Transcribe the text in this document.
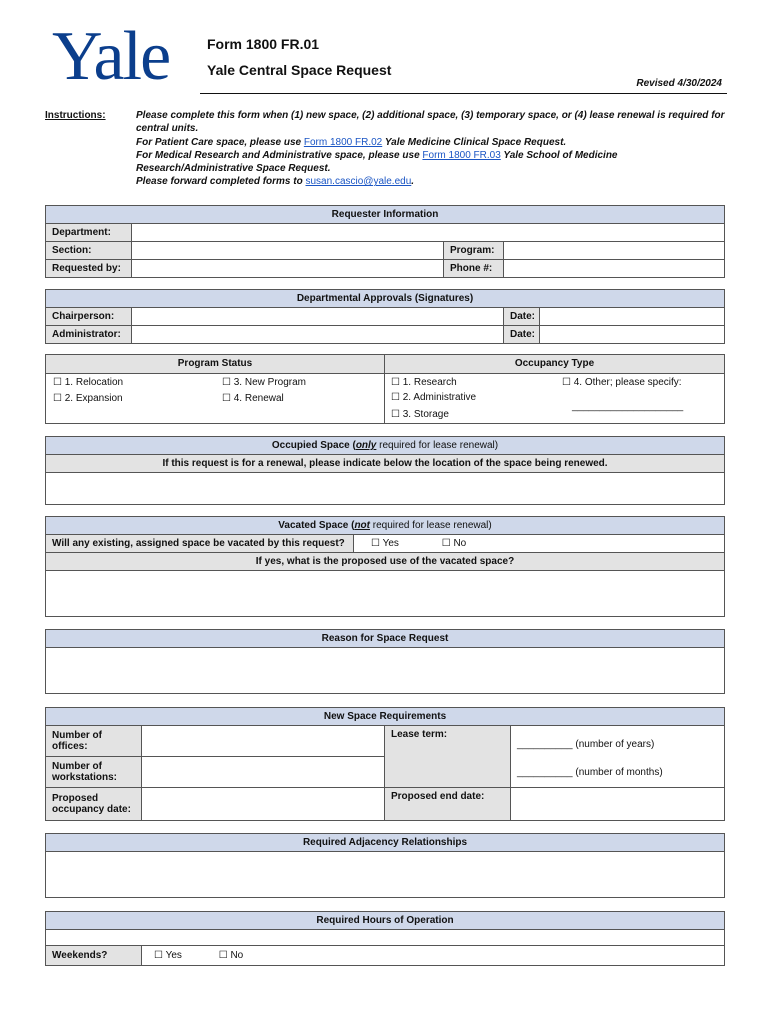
Yale	Form 1800 FR.01
Yale Central Space Request
Revised 4/30/2024
Instructions:	Please complete this form when (1) new space, (2) additional space, (3) temporary space, or (4) lease renewal is required for central units.
For Patient Care space, please use Form 1800 FR.02 Yale Medicine Clinical Space Request.
For Medical Research and Administrative space, please use Form 1800 FR.03 Yale School of Medicine Research/Administrative Space Request.
Please forward completed forms to susan.cascio@yale.edu.
Requester Information			
Department:			
Section:		Program:	
Requested by:		Phone #:	
Departmental Approvals (Signatures)			
Chairperson:		Date:	
Administrator:		Date:	
Program Status	Occupancy Type
☐ 1. Relocation
☐ 2. Expansion
☐ 3. New Program
☐ 4. Renewal
☐ 1. Research
☐ 2. Administrative
☐ 3. Storage
☐ 4. Other; please specify:
____________________
Occupied Space (only required for lease renewal)
If this request is for a renewal, please indicate below the location of the space being renewed.

Vacated Space (not required for lease renewal)
Will any existing, assigned space be vacated by this request?	☐ Yes	☐ No
If yes, what is the proposed use of the vacated space?

Reason for Space Request

New Space Requirements			
Number of offices:		Lease term:	__________ (number of years)
__________ (number of months)

Number of workstations:			
Proposed occupancy date:		Proposed end date:	
Required Adjacency Relationships

Required Hours of Operation

Weekends?	☐ Yes	☐ No
